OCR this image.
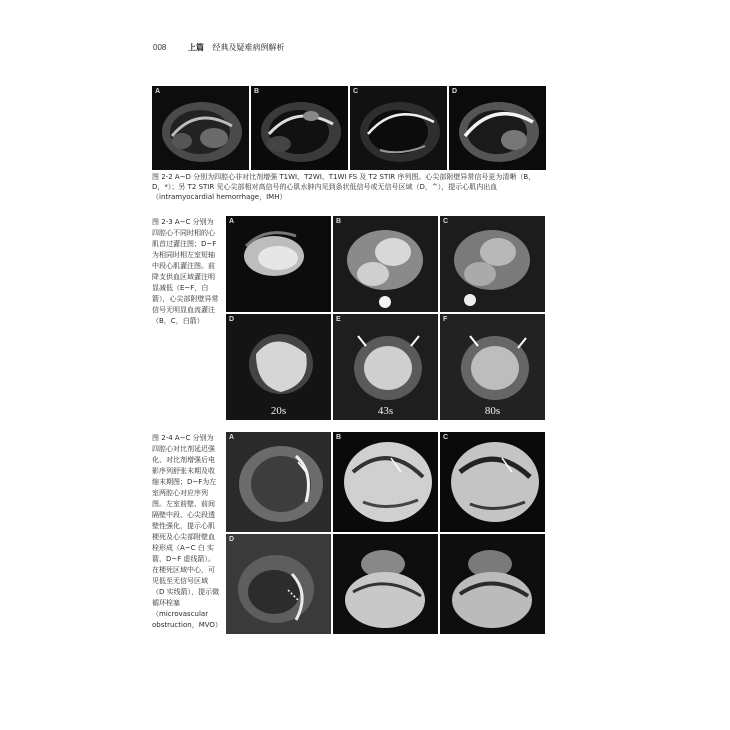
008	上篇 经典及疑难病例解析
A	B	C	D
图 2-2 A~D 分别为四腔心非对比剂增强 T1WI、T2WI、T1WI FS 及 T2 STIR 序列图。心尖部附壁异常信号更为清晰（B，D，*）；另 T2 STIR 见心尖部相对高信号的心肌水肿内见到条状低信号或无信号区域（D，^），提示心肌内出血（intramyocardial hemorrhage，IMH）
图 2-3 A~C 分别为四腔心不同时相的心肌首过灌注图；D~F 为相同时相左室短轴中段心肌灌注图。前降支供血区域灌注明显减低（E~F，白箭），心尖部附壁异常信号无明显血流灌注（B，C，白箭）
A	B	C
D
20s
E
43s
F
80s
图 2-4 A~C 分别为四腔心对比剂延迟强化、对比剂增强后电影序列舒张末期及收缩末期图；D~F为左室两腔心对应序列图。左室前壁、前间隔壁中段、心尖段透壁性强化，提示心肌梗死及心尖部附壁血栓形成（A~C 白 实 箭，D~F 虚线箭）。在梗死区域中心，可见低至无信号区域（D 实线箭），提示微循环栓塞（microvascular obstruction，MVO）
A	B	C
D
